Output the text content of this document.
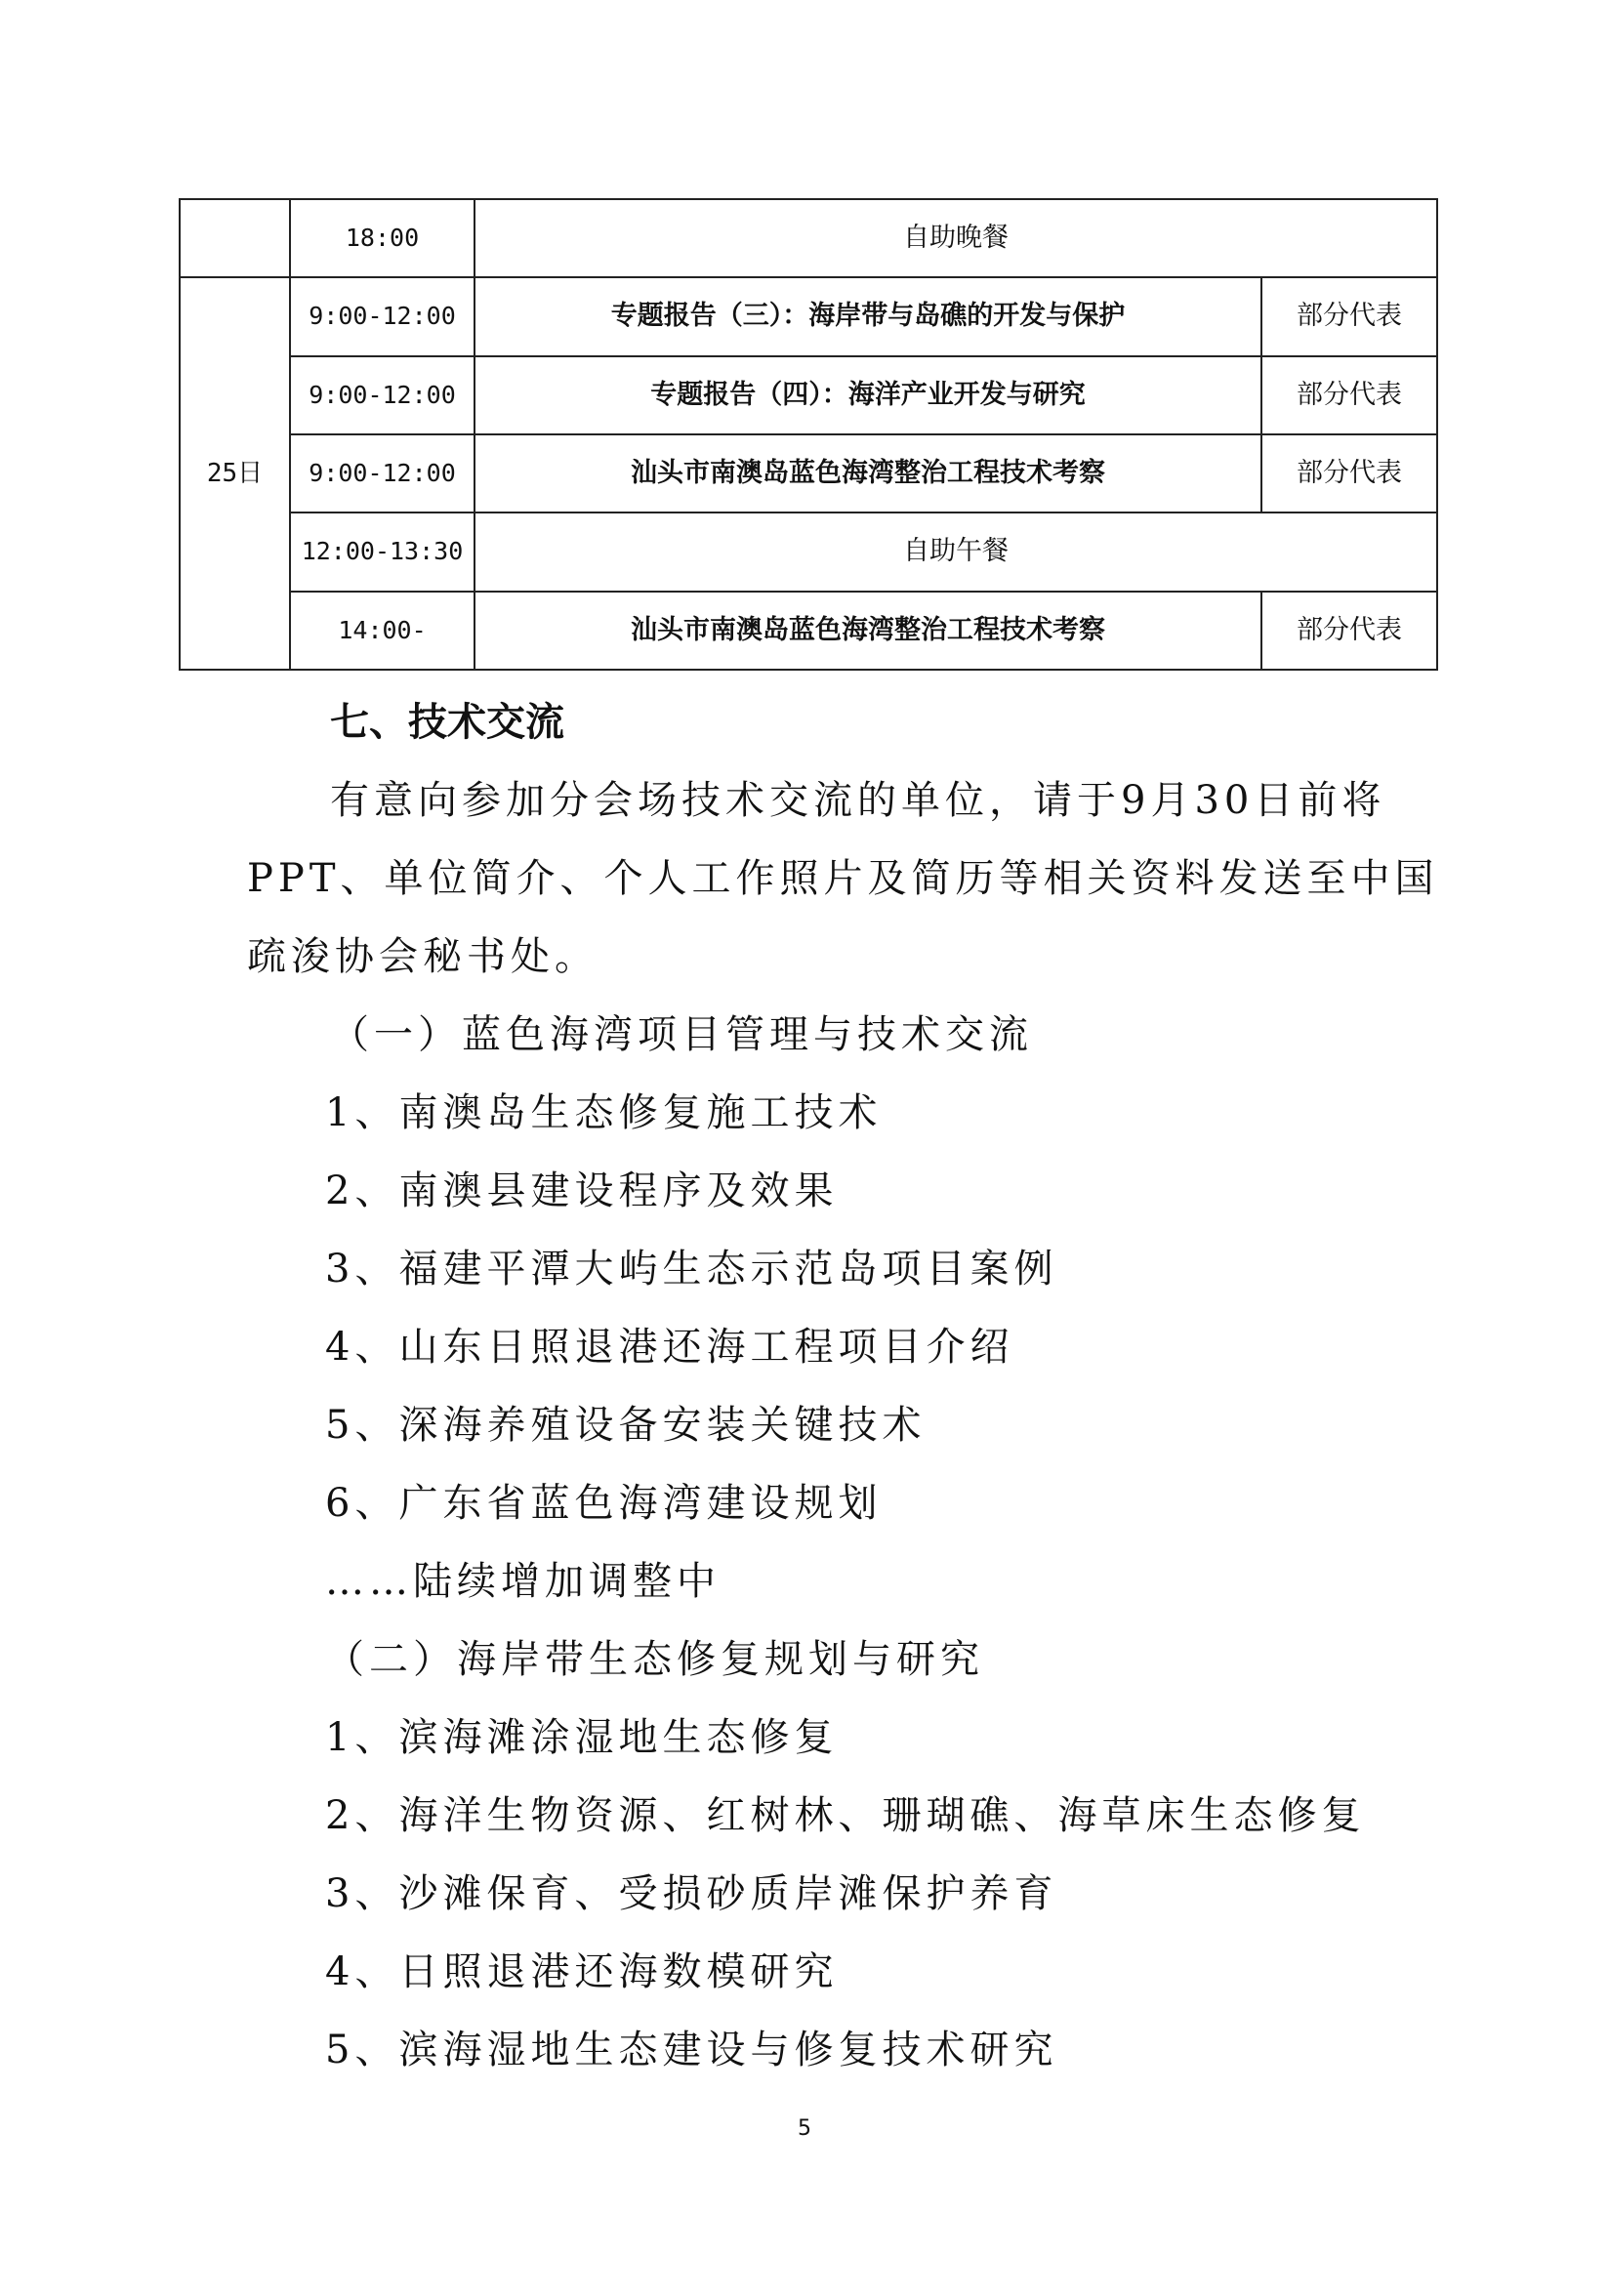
	18:00	自助晚餐	
25日	9:00-12:00	专题报告（三）：海岸带与岛礁的开发与保护	部分代表
	9:00-12:00	专题报告（四）：海洋产业开发与研究	部分代表
	9:00-12:00	汕头市南澳岛蓝色海湾整治工程技术考察	部分代表
	12:00-13:30	自助午餐	
	14:00-	汕头市南澳岛蓝色海湾整治工程技术考察	部分代表
七、技术交流

有意向参加分会场技术交流的单位，请于9月30日前将PPT、单位简介、个人工作照片及简历等相关资料发送至中国疏浚协会秘书处。

（一）蓝色海湾项目管理与技术交流
1、南澳岛生态修复施工技术
2、南澳县建设程序及效果
3、福建平潭大屿生态示范岛项目案例
4、山东日照退港还海工程项目介绍
5、深海养殖设备安装关键技术
6、广东省蓝色海湾建设规划
……陆续增加调整中
（二）海岸带生态修复规划与研究
1、滨海滩涂湿地生态修复
2、海洋生物资源、红树林、珊瑚礁、海草床生态修复
3、沙滩保育、受损砂质岸滩保护养育
4、日照退港还海数模研究
5、滨海湿地生态建设与修复技术研究
5
